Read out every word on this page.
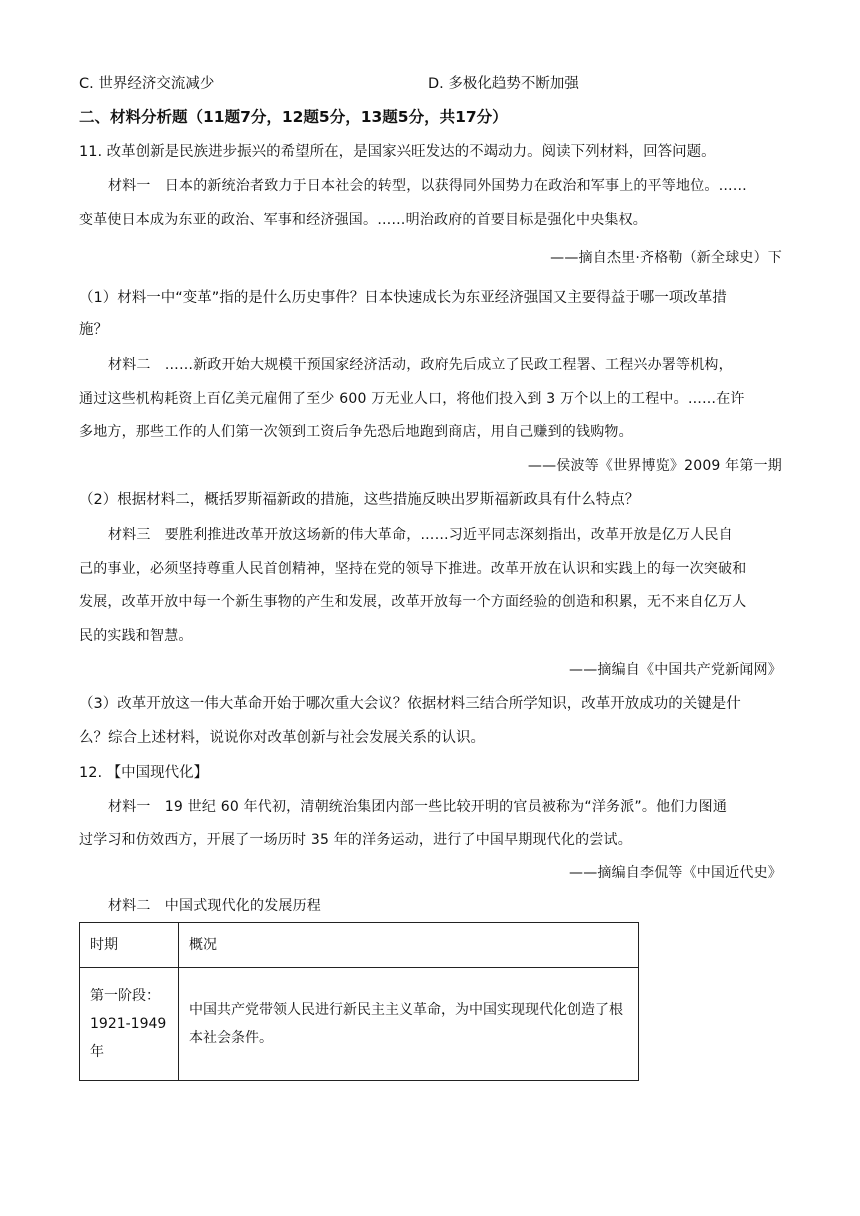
C. 世界经济交流减少	D. 多极化趋势不断加强
二、材料分析题（11题7分，12题5分，13题5分，共17分）
11. 改革创新是民族进步振兴的希望所在，是国家兴旺发达的不竭动力。阅读下列材料，回答问题。
材料一　日本的新统治者致力于日本社会的转型，以获得同外国势力在政治和军事上的平等地位。……
变革使日本成为东亚的政治、军事和经济强国。……明治政府的首要目标是强化中央集权。
——摘自杰里·齐格勒（新全球史）下
（1）材料一中“变革”指的是什么历史事件？日本快速成长为东亚经济强国又主要得益于哪一项改革措
施？
材料二　……新政开始大规模干预国家经济活动，政府先后成立了民政工程署、工程兴办署等机构，
通过这些机构耗资上百亿美元雇佣了至少 600 万无业人口，将他们投入到 3 万个以上的工程中。……在许
多地方，那些工作的人们第一次领到工资后争先恐后地跑到商店，用自己赚到的钱购物。
——侯波等《世界博览》2009 年第一期
（2）根据材料二，概括罗斯福新政的措施，这些措施反映出罗斯福新政具有什么特点？
材料三　要胜利推进改革开放这场新的伟大革命，……习近平同志深刻指出，改革开放是亿万人民自
己的事业，必须坚持尊重人民首创精神，坚持在党的领导下推进。改革开放在认识和实践上的每一次突破和
发展，改革开放中每一个新生事物的产生和发展，改革开放每一个方面经验的创造和积累，无不来自亿万人
民的实践和智慧。
——摘编自《中国共产党新闻网》
（3）改革开放这一伟大革命开始于哪次重大会议？依据材料三结合所学知识，改革开放成功的关键是什
么？综合上述材料，说说你对改革创新与社会发展关系的认识。
12. 【中国现代化】
材料一　19 世纪 60 年代初，清朝统治集团内部一些比较开明的官员被称为“洋务派”。他们力图通
过学习和仿效西方，开展了一场历时 35 年的洋务运动，进行了中国早期现代化的尝试。
——摘编自李侃等《中国近代史》
材料二　中国式现代化的发展历程
时期	概况
第一阶段：1921-1949 年	中国共产党带领人民进行新民主主义革命，为中国实现现代化创造了根本社会条件。
